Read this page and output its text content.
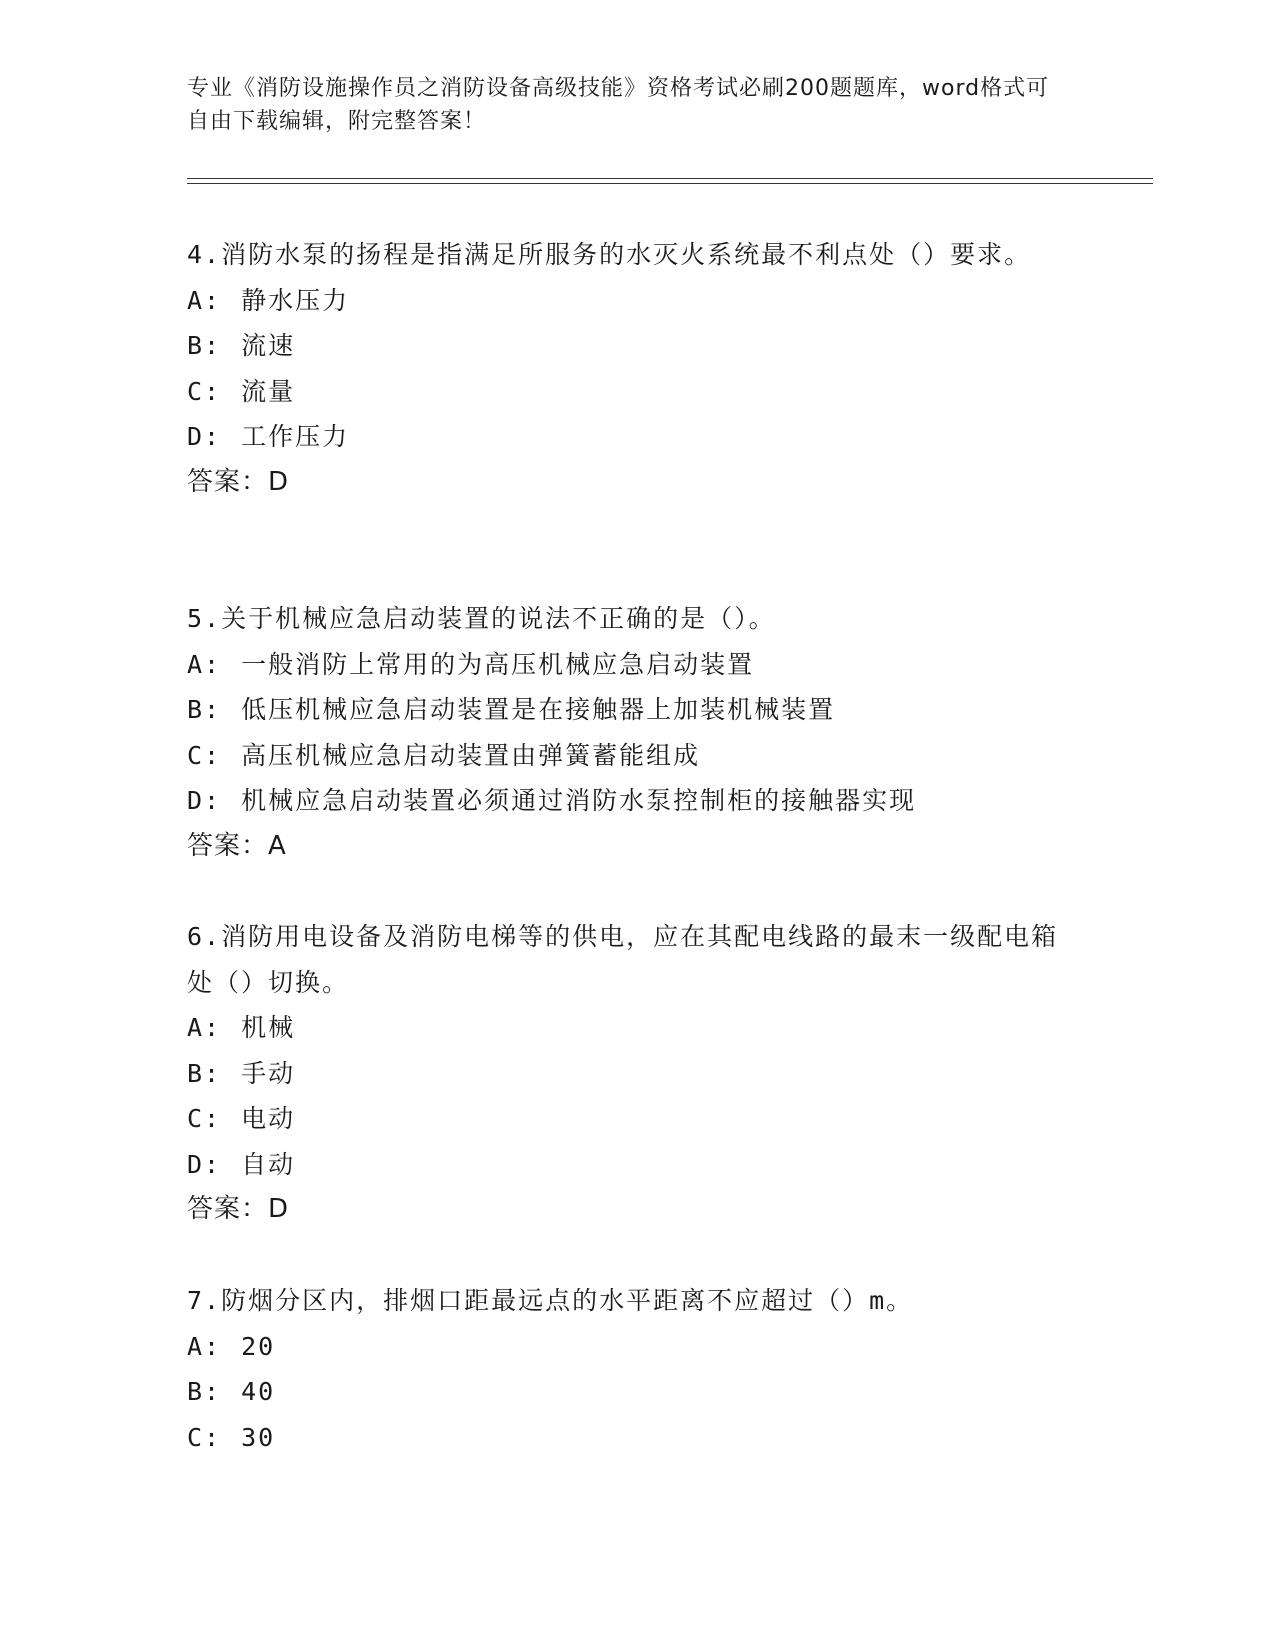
专业《消防设施操作员之消防设备高级技能》资格考试必刷200题题库，word格式可自由下载编辑，附完整答案！
4.消防水泵的扬程是指满足所服务的水灭火系统最不利点处（）要求。
A: 静水压力
B: 流速
C: 流量
D: 工作压力
答案：D
5.关于机械应急启动装置的说法不正确的是（）。
A: 一般消防上常用的为高压机械应急启动装置
B: 低压机械应急启动装置是在接触器上加装机械装置
C: 高压机械应急启动装置由弹簧蓄能组成
D: 机械应急启动装置必须通过消防水泵控制柜的接触器实现
答案：A
6.消防用电设备及消防电梯等的供电，应在其配电线路的最末一级配电箱处（）切换。
A: 机械
B: 手动
C: 电动
D: 自动
答案：D
7.防烟分区内，排烟口距最远点的水平距离不应超过（）m。
A: 20
B: 40
C: 30
